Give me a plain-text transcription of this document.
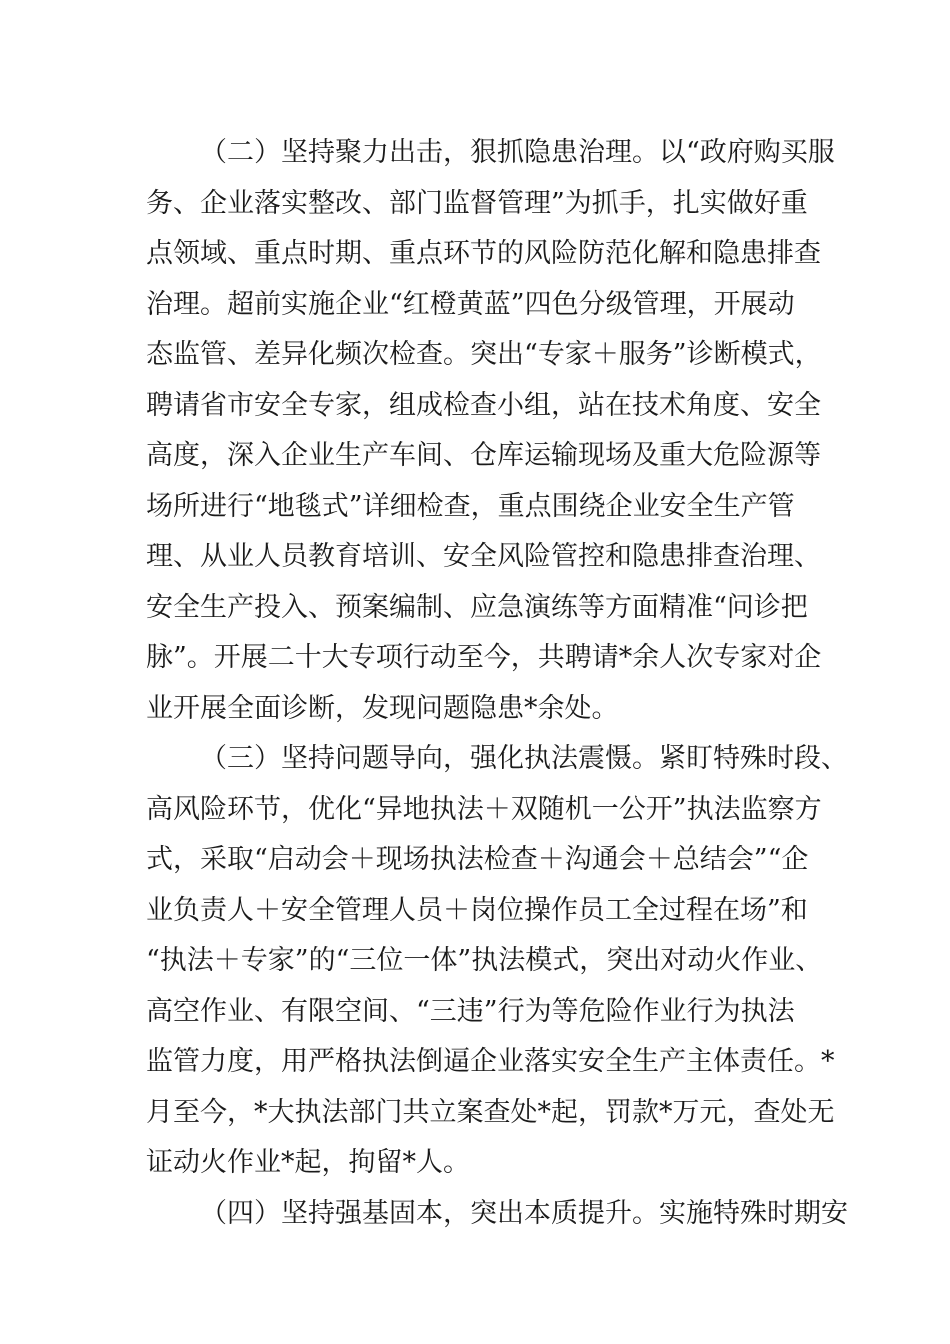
（二）坚持聚力出击，狠抓隐患治理。以“政府购买服
务、企业落实整改、部门监督管理”为抓手，扎实做好重
点领域、重点时期、重点环节的风险防范化解和隐患排查
治理。超前实施企业“红橙黄蓝”四色分级管理，开展动
态监管、差异化频次检查。突出“专家＋服务”诊断模式，
聘请省市安全专家，组成检查小组，站在技术角度、安全
高度，深入企业生产车间、仓库运输现场及重大危险源等
场所进行“地毯式”详细检查，重点围绕企业安全生产管
理、从业人员教育培训、安全风险管控和隐患排查治理、
安全生产投入、预案编制、应急演练等方面精准“问诊把
脉”。开展二十大专项行动至今，共聘请*余人次专家对企
业开展全面诊断，发现问题隐患*余处。
（三）坚持问题导向，强化执法震慑。紧盯特殊时段、
高风险环节，优化“异地执法＋双随机一公开”执法监察方
式，采取“启动会＋现场执法检查＋沟通会＋总结会”“企
业负责人＋安全管理人员＋岗位操作员工全过程在场”和
“执法＋专家”的“三位一体”执法模式，突出对动火作业、
高空作业、有限空间、“三违”行为等危险作业行为执法
监管力度，用严格执法倒逼企业落实安全生产主体责任。*
月至今，*大执法部门共立案查处*起，罚款*万元，查处无
证动火作业*起，拘留*人。
（四）坚持强基固本，突出本质提升。实施特殊时期安
